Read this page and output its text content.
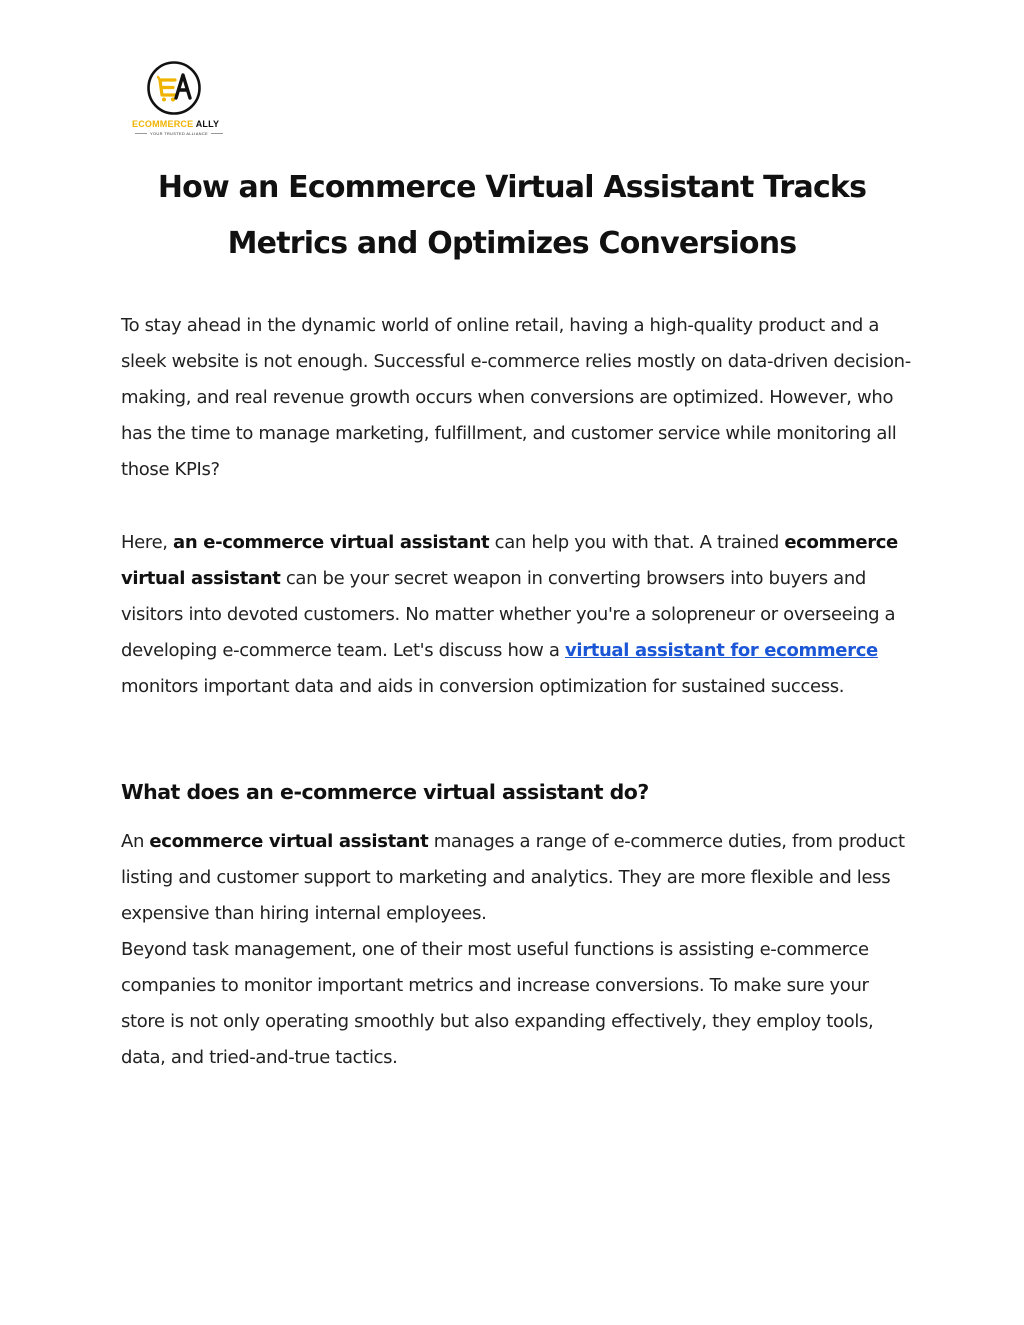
ECOMMERCE ALLY
YOUR TRUSTED ALLIANCE
How an Ecommerce Virtual Assistant Tracks
Metrics and Optimizes Conversions

To stay ahead in the dynamic world of online retail, having a high-quality product and a sleek website is not enough. Successful e-commerce relies mostly on data-driven decision-making, and real revenue growth occurs when conversions are optimized. However, who has the time to manage marketing, fulfillment, and customer service while monitoring all those KPIs?

Here, an e-commerce virtual assistant can help you with that. A trained ecommerce virtual assistant can be your secret weapon in converting browsers into buyers and visitors into devoted customers. No matter whether you're a solopreneur or overseeing a developing e-commerce team. Let's discuss how a virtual assistant for ecommerce monitors important data and aids in conversion optimization for sustained success.

What does an e-commerce virtual assistant do?

An ecommerce virtual assistant manages a range of e-commerce duties, from product listing and customer support to marketing and analytics. They are more flexible and less expensive than hiring internal employees.
Beyond task management, one of their most useful functions is assisting e-commerce companies to monitor important metrics and increase conversions. To make sure your store is not only operating smoothly but also expanding effectively, they employ tools, data, and tried-and-true tactics.
